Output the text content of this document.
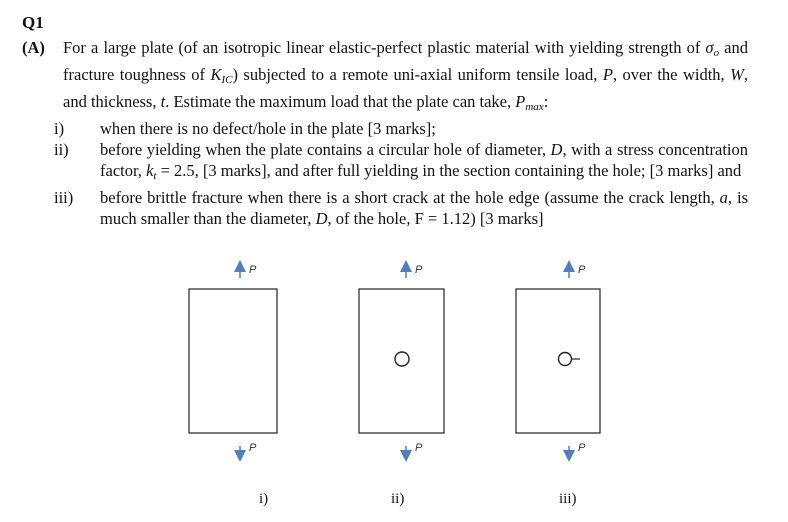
Q1

(A) For a large plate (of an isotropic linear elastic-perfect plastic material with yielding strength of $\sigma_o$ and fracture toughness of $K_{IC}$) subjected to a remote uni-axial uniform tensile load, P, over the width, W, and thickness, t. Estimate the maximum load that the plate can take, $P_{max}$:

i) when there is no defect/hole in the plate [3 marks];
ii) before yielding when the plate contains a circular hole of diameter, D, with a stress concentration factor, $k_t = 2.5$, [3 marks], and after full yielding in the section containing the hole; [3 marks] and
iii) before brittle fracture when there is a short crack at the hole edge (assume the crack length, a, is much smaller than the diameter, D, of the hole, F = 1.12) [3 marks]
P
P
P
P
P
P
i)	ii)	iii)
